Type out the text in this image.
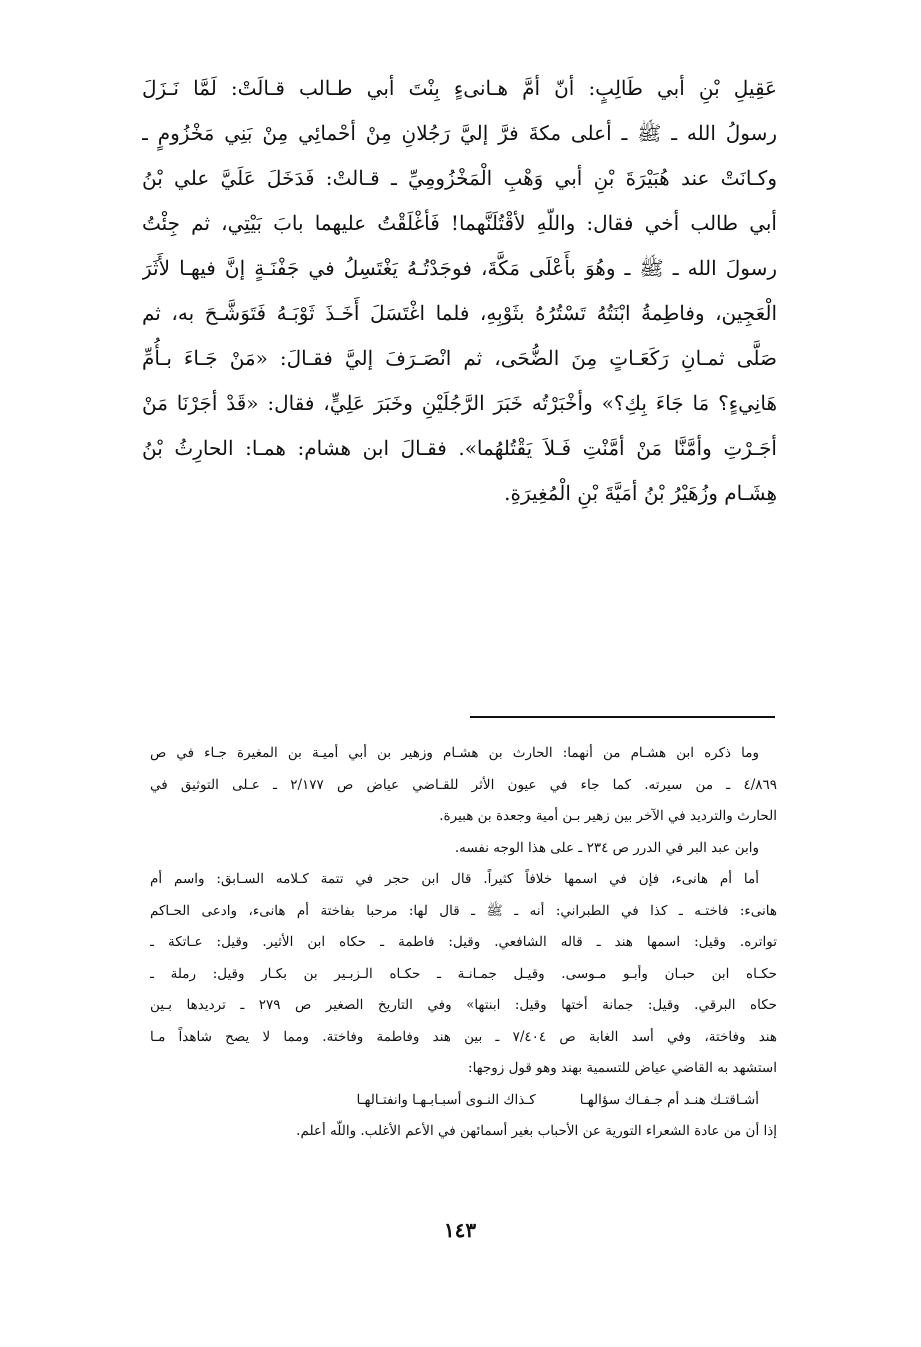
عَقِيلِ بْنِ أبي طَالِبٍ: أنّ أمَّ هـانىءٍ بِنْتَ أبي طـالب قـالَتْ: لَمَّا نَـزَلَ
رسولُ الله ـ ﷺ ـ أعلى مكةَ فرَّ إليَّ رَجُلانِ مِنْ أحْمائِي مِنْ بَنِي مَخْزُومٍ ـ
وكـانَتْ عند هُبَيْرَةَ بْنِ أبي وَهْبِ الْمَخْزُومِيِّ ـ قـالتْ: فَدَخَلَ عَلَيَّ علي بْنُ
أبي طالب أخي فقال: واللّهِ لأقْتُلَنَّهما! فَأغْلَقْتُ عليهما بابَ بَيْتِي، ثم جِئْتُ
رسولَ الله ـ ﷺ ـ وهُوَ بأَعْلَى مَكَّةَ، فوجَدْتُـهُ يَغْتَسِلُ في جَفْنَـةٍ إنَّ فيهـا لأَثَرَ
الْعَجِين، وفاطِمةُ ابْنَتُهُ تَسْتُرُهُ بثَوْبِهِ، فلما اغْتَسَلَ أَخَـذَ ثَوْبَـهُ فَتَوَشَّـحَ به، ثم
صَلَّى ثمـانِ رَكَعَـاتٍ مِنَ الضُّحَى، ثم انْصَـرَفَ إليَّ فقـالَ: «مَنْ جَـاءَ بـأُمِّ
هَانِيءٍ؟ مَا جَاءَ بِكِ؟» وأخْبَرْتُه خَبَرَ الرَّجُلَيْنِ وخَبَرَ عَلِيٍّ، فقال: «قَدْ أجَرْنَا مَنْ
أجَـرْتِ وأمَّنَّا مَنْ أمَّنْتِ فَـلاَ يَقْتُلهُما». فقـالَ ابن هشام: همـا: الحارِثُ بْنُ
هِشَـام وزُهَيْرُ بْنُ أمَيَّةَ بْنِ الْمُغِيرَةِ.
وما ذكره ابن هشـام من أنهما: الحارث بن هشـام وزهير بن أبي أميـة بن المغيرة جـاء في ص
٤/٨٦٩ ـ من سيرته. كما جاء في عيون الأثر للقـاضي عياض ص ٢/١٧٧ ـ عـلى التوثيق في
الحارث والترديد في الآخر بين زهير بـن أمية وجعدة بن هبيرة.
وابن عبد البر في الدرر ص ٢٣٤ ـ على هذا الوجه نفسه.
أما أم هانىء، فإن في اسمها خلافاً كثيراً. قال ابن حجر في تتمة كـلامه السـابق: واسم أم
هانىء: فاختـه ـ كذا في الطبراني: أنه ـ ﷺ ـ قال لها: مرحبا بفاختة أم هانىء، وادعى الحـاكم
تواتره. وقيل: اسمها هند ـ قاله الشافعي. وقيل: فاطمة ـ حكاه ابن الأثير. وقيل: عـاتكة ـ
حكـاه ابن حبـان وأبـو مـوسى. وقيـل جمـانـة ـ حكـاه الـزبـير بن بكـار وقيل: رملة ـ
حكاه البرقي. وقيل: جمانة أختها وقيل: ابنتها» وفي التاريخ الصغير ص ٢٧٩ ـ ترديدها بـين
هند وفاختة، وفي أسد الغابة ص ٧/٤٠٤ ـ بين هند وفاطمة وفاختة. ومما لا يصح شاهداً مـا
استشهد به القاضي عياض للتسمية بهند وهو قول زوجها:
أشـاقتـك هنـد أم جـفـاك سؤالهـا
كـذاك النـوى أسبـابـهـا وانفتـالهـا
إذا أن من عادة الشعراء التورية عن الأحباب بغير أسمائهن في الأعم الأغلب. واللّه أعلم.
١٤٣
